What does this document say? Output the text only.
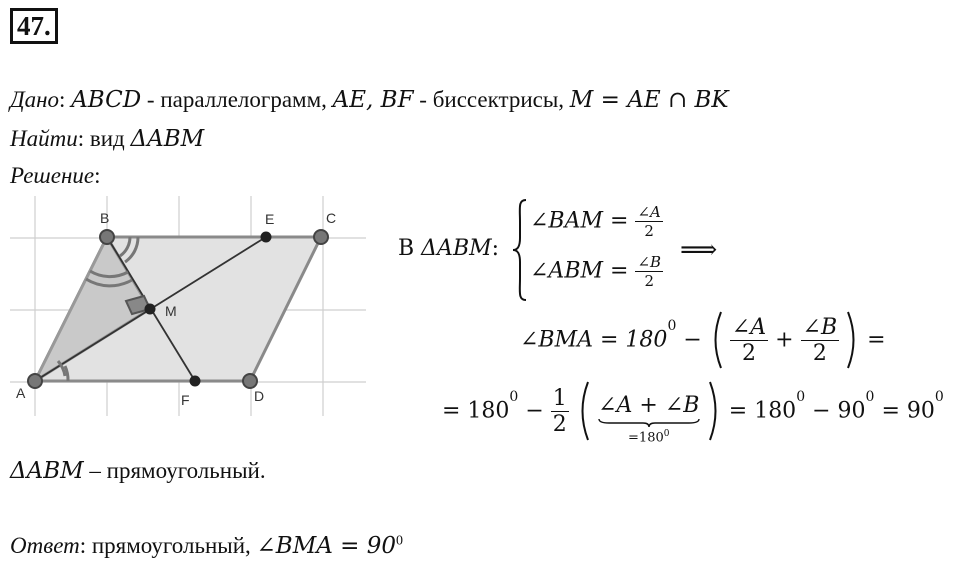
47.
Дано: ABCD - параллелограмм, AE, BF - биссектрисы, M = AE ∩ BK
Найти: вид ΔABM
Решение:
A
B	C
D
E
F
M
В ΔABM:
∠BAM = $\frac{\angle A}{2}$
∠ABM = $\frac{\angle B}{2}$
⟹
∠BMA = $180^0 - \frac{\angle A}{2} + \frac{\angle B}{2}$ =
= $180^0 - \frac{1}{2}$
∠A + ∠B
$=180^0$
= $180^0 - 90^0 = 90^0$
ΔABM – прямоугольный.
Ответ: прямоугольный, ∠BMA = $90^0$
